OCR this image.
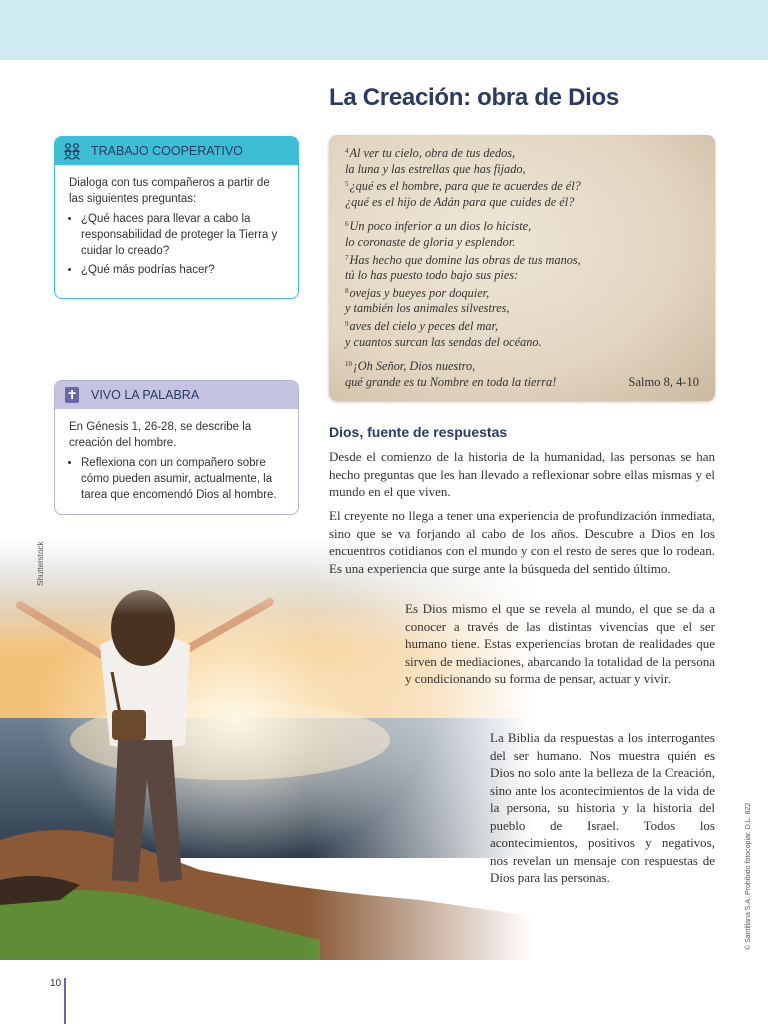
La Creación: obra de Dios
TRABAJO COOPERATIVO
Dialoga con tus compañeros a partir de las siguientes preguntas:
• ¿Qué haces para llevar a cabo la responsabilidad de proteger la Tierra y cuidar lo creado?
• ¿Qué más podrías hacer?
VIVO LA PALABRA
En Génesis 1, 26-28, se describe la creación del hombre.
• Reflexiona con un compañero sobre cómo pueden asumir, actualmente, la tarea que encomendó Dios al hombre.
$^4$Al ver tu cielo, obra de tus dedos,
la luna y las estrellas que has fijado,
$^5$¿qué es el hombre, para que te acuerdes de él?
¿qué es el hijo de Adán para que cuides de él?
$^6$Un poco inferior a un dios lo hiciste,
lo coronaste de gloria y esplendor.
$^7$Has hecho que domine las obras de tus manos,
tú lo has puesto todo bajo sus pies:
$^8$ovejas y bueyes por doquier,
y también los animales silvestres,
$^9$aves del cielo y peces del mar,
y cuantos surcan las sendas del océano.
$^{10}$¡Oh Señor, Dios nuestro,
qué grande es tu Nombre en toda la tierra!	Salmo 8, 4-10
Dios, fuente de respuestas
Shutterstock

Desde el comienzo de la historia de la humanidad, las personas se han hecho preguntas que les han llevado a reflexionar sobre ellas mismas y el mundo en el que viven.

El creyente no llega a tener una experiencia de profundización inmediata, sino que se va forjando al cabo de los años. Descubre a Dios en los encuentros cotidianos con el mundo y con el resto de seres que lo rodean. Es una experiencia que surge ante la búsqueda del sentido último.

Es Dios mismo el que se revela al mundo, el que se da a conocer a través de las distintas vivencias que el ser humano tiene. Estas experiencias brotan de realidades que sirven de mediaciones, abarcando la totalidad de la persona y condicionando su forma de pensar, actuar y vivir.

La Biblia da respuestas a los interrogantes del ser humano. Nos muestra quién es Dios no solo ante la belleza de la Creación, sino ante los acontecimientos de la vida de la persona, su historia y la historia del pueblo de Israel. Todos los acontecimientos, positivos y negativos, nos revelan un mensaje con respuestas de Dios para las personas.	© Santillana S.A. Prohibido fotocopiar. D.L. 822
10
